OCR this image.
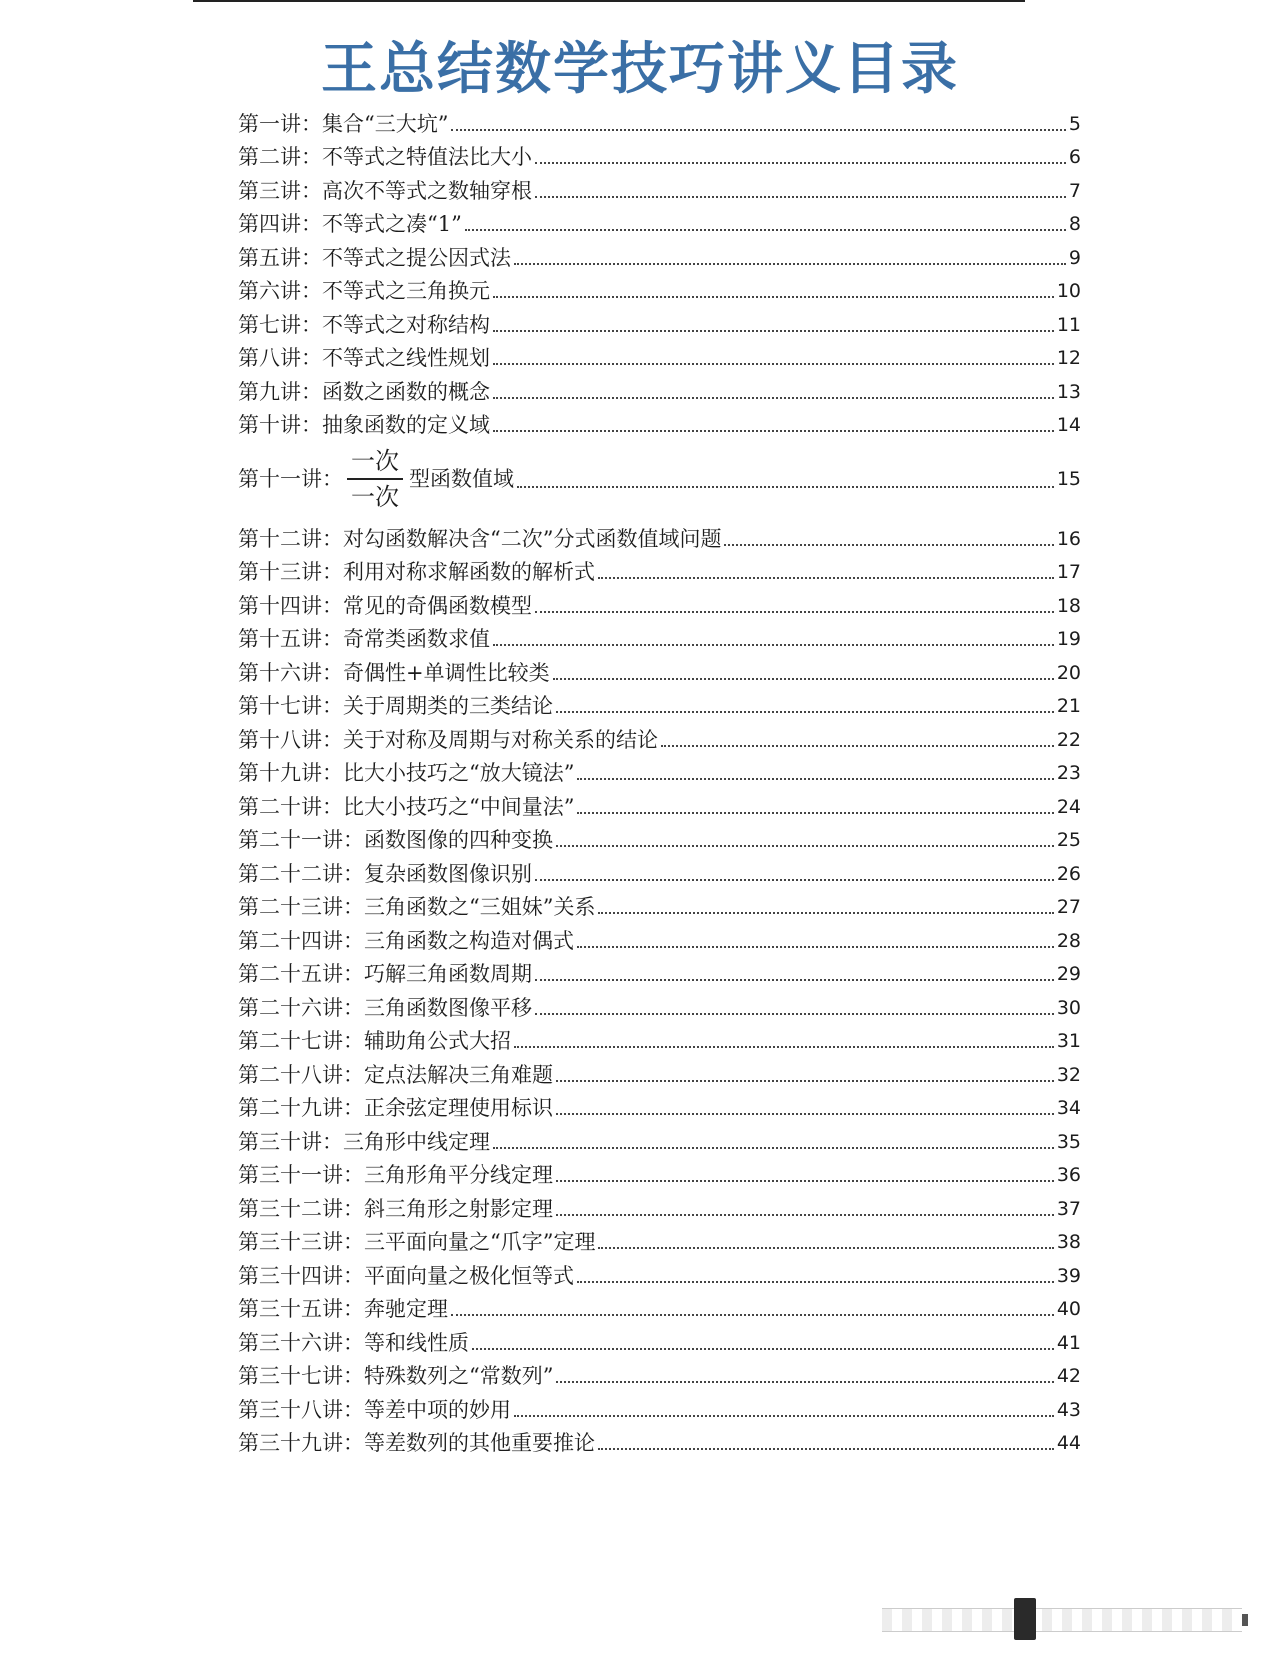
王总结数学技巧讲义目录
第一讲： 集合“三大坑”	5
第二讲： 不等式之特值法比大小	6
第三讲： 高次不等式之数轴穿根	7
第四讲： 不等式之凑“1”	8
第五讲： 不等式之提公因式法	9
第六讲： 不等式之三角换元	10
第七讲： 不等式之对称结构	11
第八讲： 不等式之线性规划	12
第九讲： 函数之函数的概念	13
第十讲： 抽象函数的定义域	14
第十一讲： $\frac{\text{一次}}{\text{一次}}$ 型函数值域	15
第十二讲： 对勾函数解决含“二次”分式函数值域问题	16
第十三讲： 利用对称求解函数的解析式	17
第十四讲： 常见的奇偶函数模型	18
第十五讲： 奇常类函数求值	19
第十六讲： 奇偶性+单调性比较类	20
第十七讲： 关于周期类的三类结论	21
第十八讲： 关于对称及周期与对称关系的结论	22
第十九讲： 比大小技巧之“放大镜法”	23
第二十讲： 比大小技巧之“中间量法”	24
第二十一讲： 函数图像的四种变换	25
第二十二讲： 复杂函数图像识别	26
第二十三讲： 三角函数之“三姐妹”关系	27
第二十四讲： 三角函数之构造对偶式	28
第二十五讲： 巧解三角函数周期	29
第二十六讲： 三角函数图像平移	30
第二十七讲： 辅助角公式大招	31
第二十八讲： 定点法解决三角难题	32
第二十九讲： 正余弦定理使用标识	34
第三十讲： 三角形中线定理	35
第三十一讲： 三角形角平分线定理	36
第三十二讲： 斜三角形之射影定理	37
第三十三讲： 三平面向量之“爪字”定理	38
第三十四讲： 平面向量之极化恒等式	39
第三十五讲： 奔驰定理	40
第三十六讲： 等和线性质	41
第三十七讲： 特殊数列之“常数列”	42
第三十八讲： 等差中项的妙用	43
第三十九讲： 等差数列的其他重要推论	44
